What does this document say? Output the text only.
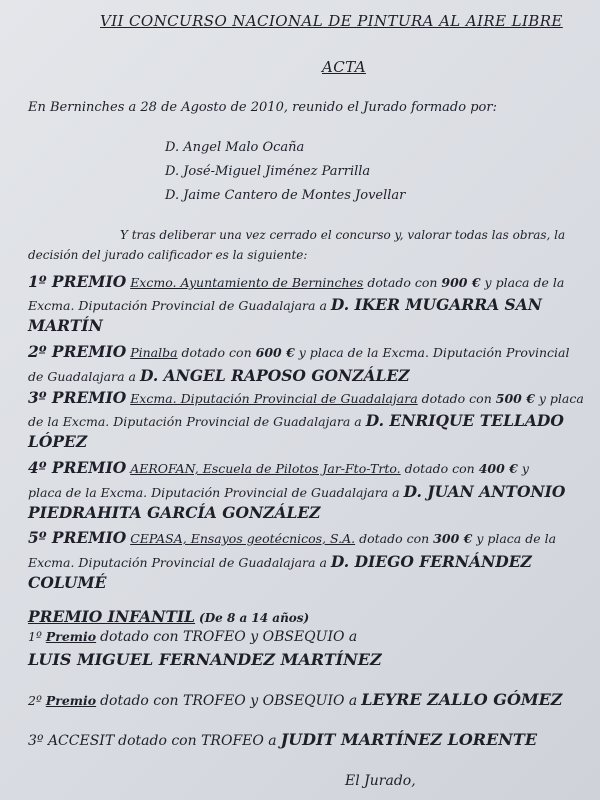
VII CONCURSO NACIONAL DE PINTURA AL AIRE LIBRE
ACTA
En Berninches a 28 de Agosto de 2010, reunido el Jurado formado por:
D. Angel Malo Ocaña
D. José-Miguel Jiménez Parrilla
D. Jaime Cantero de Montes Jovellar
Y tras deliberar una vez cerrado el concurso y, valorar todas las obras, la
decisión del jurado calificador es la siguiente:
1º PREMIO Excmo. Ayuntamiento de Berninches dotado con 900 € y placa de la
Excma. Diputación Provincial de Guadalajara a D. IKER MUGARRA SAN
MARTÍN
2º PREMIO Pinalba dotado con 600 € y placa de la Excma. Diputación Provincial
de Guadalajara a D. ANGEL RAPOSO GONZÁLEZ
3º PREMIO Excma. Diputación Provincial de Guadalajara dotado con 500 € y placa
de la Excma. Diputación Provincial de Guadalajara a D. ENRIQUE TELLADO
LÓPEZ
4º PREMIO AEROFAN, Escuela de Pilotos Jar-Fto-Trto. dotado con 400 € y
placa de la Excma. Diputación Provincial de Guadalajara a D. JUAN ANTONIO
PIEDRAHITA GARCÍA GONZÁLEZ
5º PREMIO CEPASA, Ensayos geotécnicos, S.A. dotado con 300 € y placa de la
Excma. Diputación Provincial de Guadalajara a D. DIEGO FERNÁNDEZ
COLUMÉ
PREMIO INFANTIL (De 8 a 14 años)
1º Premio dotado con TROFEO y OBSEQUIO a
LUIS MIGUEL FERNANDEZ MARTÍNEZ
2º Premio dotado con TROFEO y OBSEQUIO a LEYRE ZALLO GÓMEZ
3º ACCESIT dotado con TROFEO a JUDIT MARTÍNEZ LORENTE
El Jurado,
